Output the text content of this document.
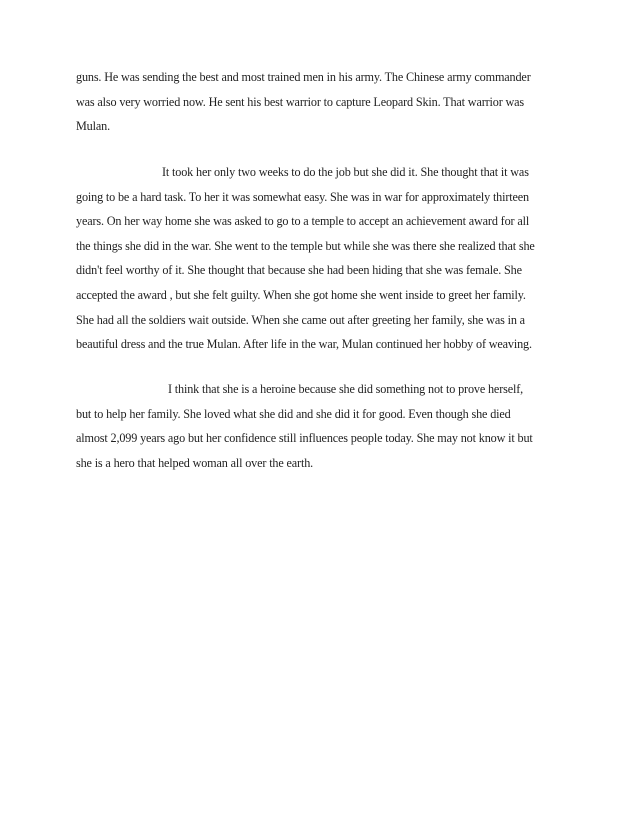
guns. He was sending the best and most trained men in his army. The Chinese army commander
was also very worried now. He sent his best warrior to capture Leopard Skin. That warrior was
Mulan.
It took her only two weeks to do the job but she did it. She thought that it was
going to be a hard task. To her it was somewhat easy. She was in war for approximately thirteen
years. On her way home she was asked to go to a temple to accept an achievement award for all
the things she did in the war. She went to the temple but while she was there she realized that she
didn't feel worthy of it. She thought that because she had been hiding that she was female. She
accepted the award , but she felt guilty. When she got home she went inside to greet her family.
She had all the soldiers wait outside. When she came out after greeting her family, she was in a
beautiful dress and the true Mulan. After life in the war, Mulan continued her hobby of weaving.
I think that she is a heroine because she did something not to prove herself,
but to help her family. She loved what she did and she did it for good. Even though she died
almost 2,099 years ago but her confidence still influences people today. She may not know it but
she is a hero that helped woman all over the earth.
